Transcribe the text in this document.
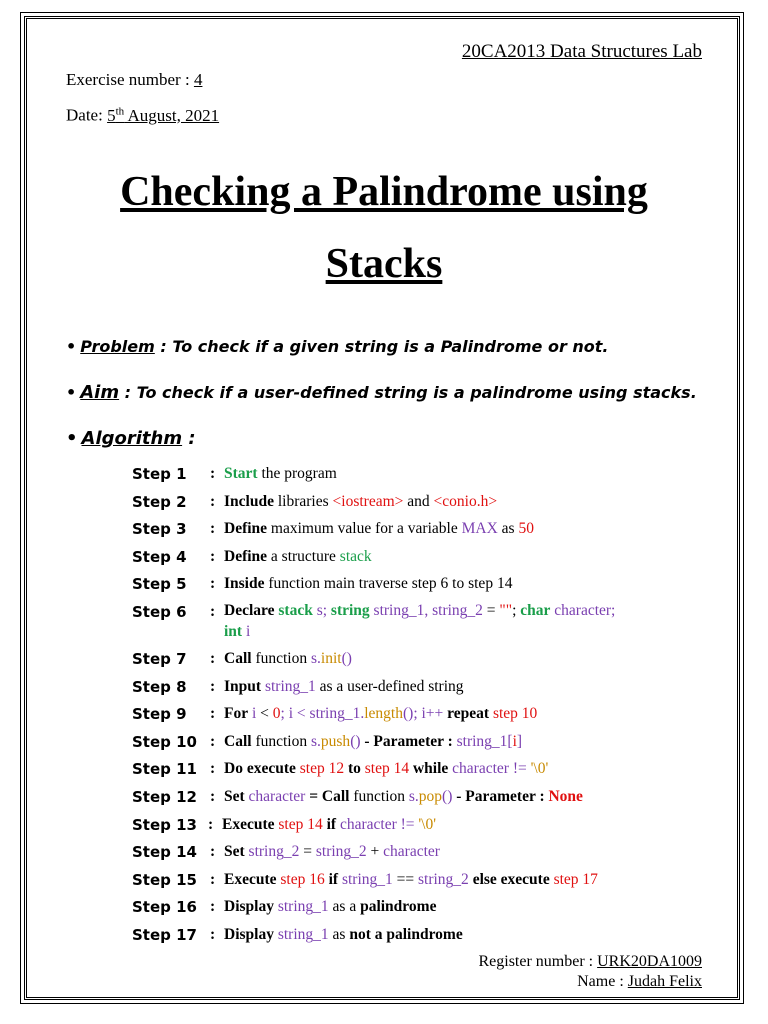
20CA2013 Data Structures Lab
Exercise number : 4
Date: 5th August, 2021
Checking a Palindrome using
Stacks
• Problem : To check if a given string is a Palindrome or not.
• Aim : To check if a user-defined string is a palindrome using stacks.
• Algorithm :
Step 1	: Start the program
Step 2	: Include libraries <iostream> and <conio.h>
Step 3	: Define maximum value for a variable MAX as 50
Step 4	: Define a structure stack
Step 5	: Inside function main traverse step 6 to step 14
Step 6	: Declare stack s; string string_1, string_2 = ""; char character;
int i
Step 7	: Call function s.init()
Step 8	: Input string_1 as a user-defined string
Step 9	: For i < 0; i < string_1.length(); i++ repeat step 10
Step 10 : Call function s.push() - Parameter : string_1[i]
Step 11 : Do execute step 12 to step 14 while character != '\0'
Step 12 : Set character = Call function s.pop() - Parameter : None
Step 13 : Execute step 14 if character != '\0'
Step 14 : Set string_2 = string_2 + character
Step 15 : Execute step 16 if string_1 == string_2 else execute step 17
Step 16 : Display string_1 as a palindrome
Step 17 : Display string_1 as not a palindrome
Register number : URK20DA1009
Name : Judah Felix
